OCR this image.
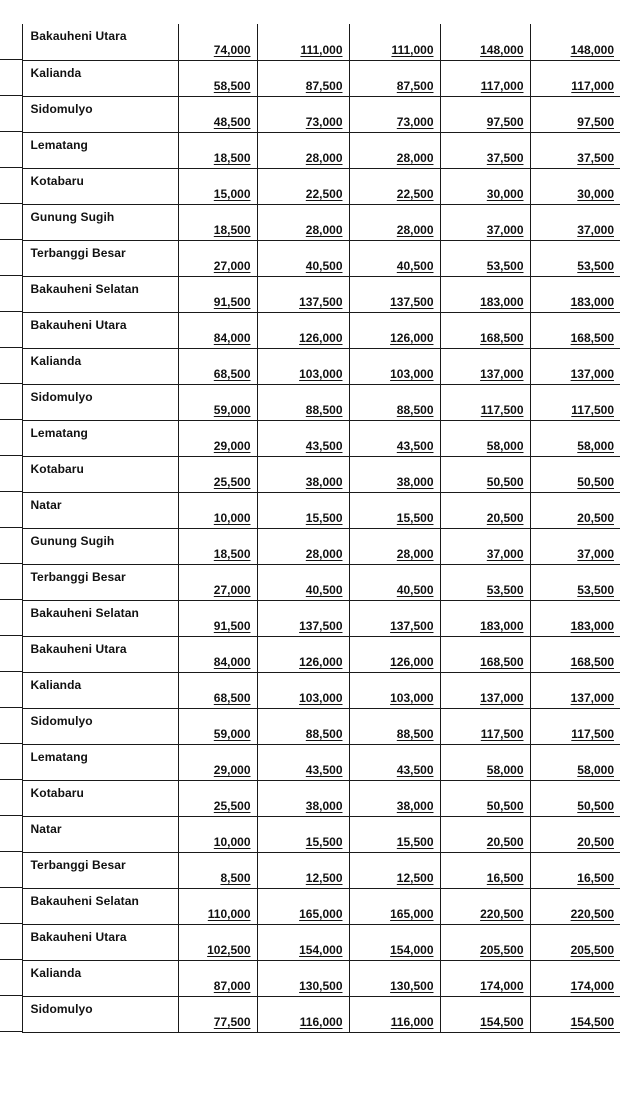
	Bakauheni Utara	74,000	111,000	111,000	148,000	148,000
	Kalianda	58,500	87,500	87,500	117,000	117,000
	Sidomulyo	48,500	73,000	73,000	97,500	97,500
	Lematang	18,500	28,000	28,000	37,500	37,500
	Kotabaru	15,000	22,500	22,500	30,000	30,000
	Gunung Sugih	18,500	28,000	28,000	37,000	37,000
	Terbanggi Besar	27,000	40,500	40,500	53,500	53,500
	Bakauheni Selatan	91,500	137,500	137,500	183,000	183,000
	Bakauheni Utara	84,000	126,000	126,000	168,500	168,500
	Kalianda	68,500	103,000	103,000	137,000	137,000
	Sidomulyo	59,000	88,500	88,500	117,500	117,500
	Lematang	29,000	43,500	43,500	58,000	58,000
	Kotabaru	25,500	38,000	38,000	50,500	50,500
	Natar	10,000	15,500	15,500	20,500	20,500
	Gunung Sugih	18,500	28,000	28,000	37,000	37,000
	Terbanggi Besar	27,000	40,500	40,500	53,500	53,500
	Bakauheni Selatan	91,500	137,500	137,500	183,000	183,000
	Bakauheni Utara	84,000	126,000	126,000	168,500	168,500
	Kalianda	68,500	103,000	103,000	137,000	137,000
	Sidomulyo	59,000	88,500	88,500	117,500	117,500
	Lematang	29,000	43,500	43,500	58,000	58,000
	Kotabaru	25,500	38,000	38,000	50,500	50,500
	Natar	10,000	15,500	15,500	20,500	20,500
	Terbanggi Besar	8,500	12,500	12,500	16,500	16,500
	Bakauheni Selatan	110,000	165,000	165,000	220,500	220,500
	Bakauheni Utara	102,500	154,000	154,000	205,500	205,500
	Kalianda	87,000	130,500	130,500	174,000	174,000
	Sidomulyo	77,500	116,000	116,000	154,500	154,500
